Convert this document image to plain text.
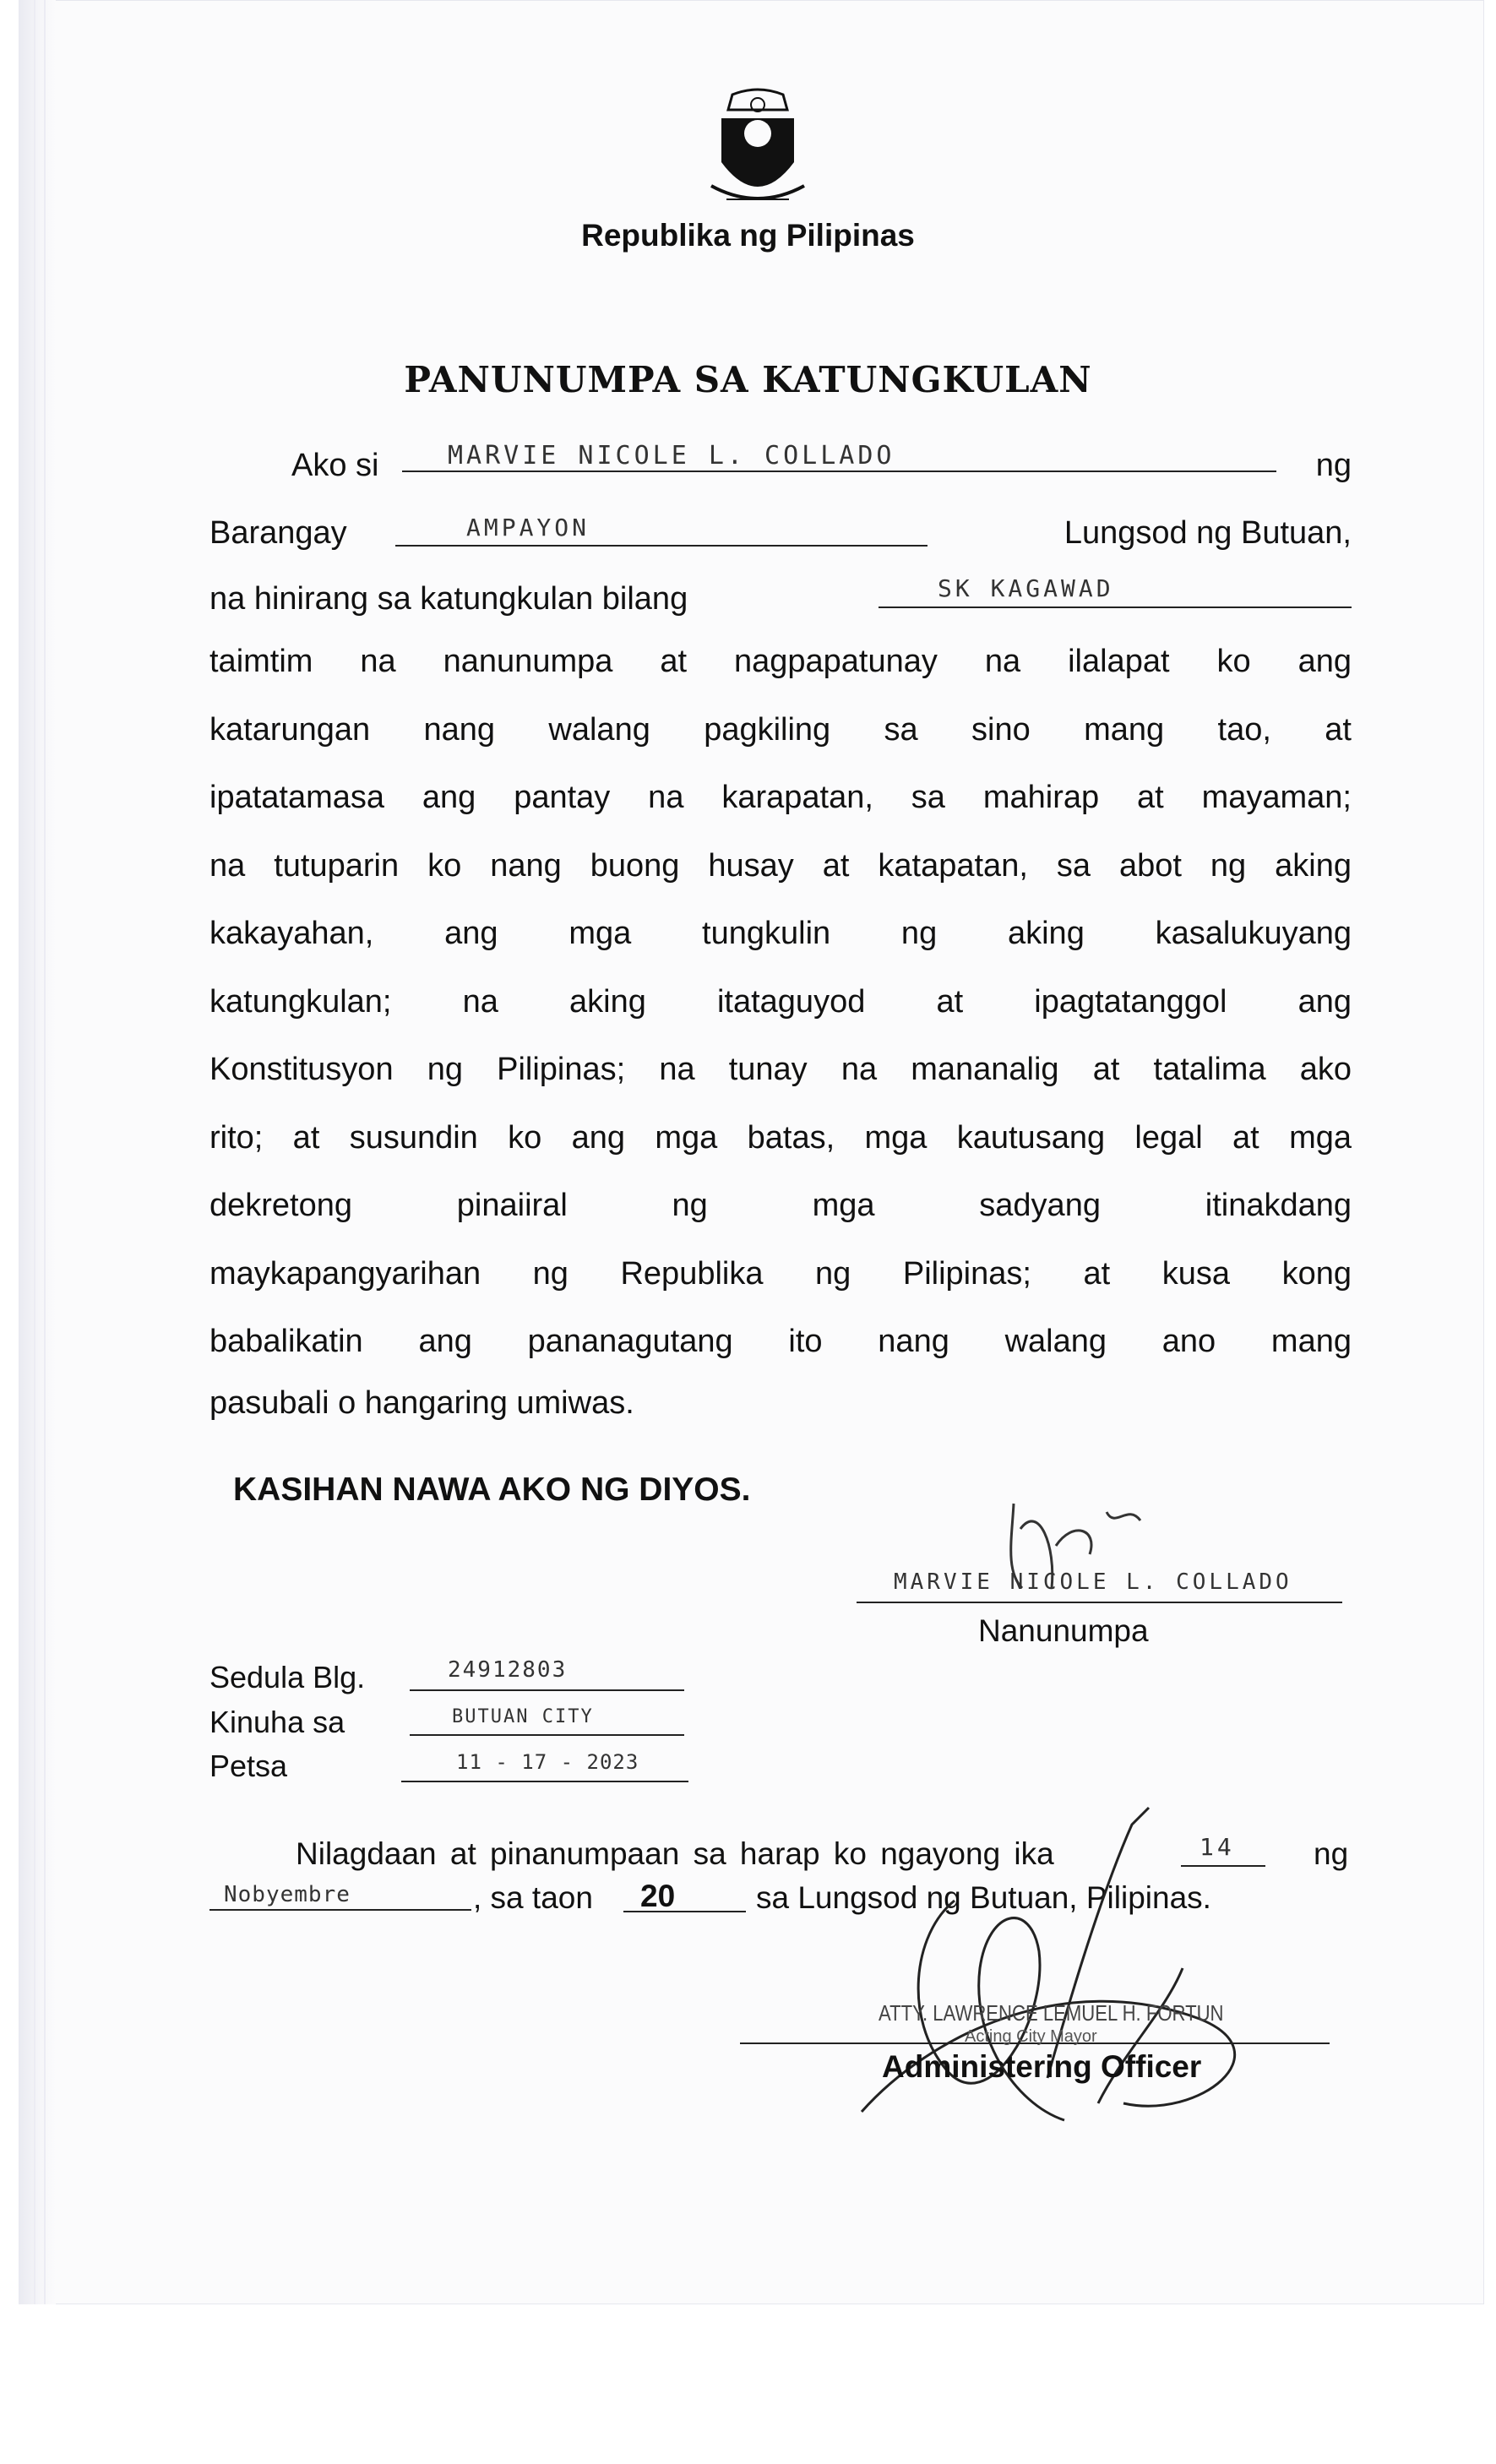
Republika ng Pilipinas
PANUNUMPA SA KATUNGKULAN
Ako si	ng
MARVIE NICOLE L. COLLADO
Barangay	Lungsod ng Butuan,
AMPAYON
na hinirang sa katungkulan bilang	SK KAGAWAD
taimtim na nanunumpa at nagpapatunay na ilalapat ko ang
katarungan nang walang pagkiling sa sino mang tao, at
ipatatamasa ang pantay na karapatan, sa mahirap at mayaman;
na tutuparin ko nang buong husay at katapatan, sa abot ng aking
kakayahan, ang mga tungkulin ng aking kasalukuyang
katungkulan; na aking itataguyod at ipagtatanggol ang
Konstitusyon ng Pilipinas; na tunay na mananalig at tatalima ako
rito; at susundin ko ang mga batas, mga kautusang legal at mga
dekretong pinaiiral ng mga sadyang itinakdang
maykapangyarihan ng Republika ng Pilipinas; at kusa kong
babalikatin ang pananagutang ito nang walang ano mang
pasubali o hangaring umiwas.
KASIHAN NAWA AKO NG DIYOS.
MARVIE NICOLE L. COLLADO
Nanunumpa
Sedula Blg.	24912803
Kinuha sa	BUTUAN CITY
Petsa	11 - 17 - 2023
Nilagdaan at pinanumpaan sa harap ko ngayong ika	14	ng
Nobyembre	, sa taon 20	sa Lungsod ng Butuan, Pilipinas.
ATTY. LAWRENCE LEMUEL H. FORTUN
Acting City Mayor
Administering Officer
